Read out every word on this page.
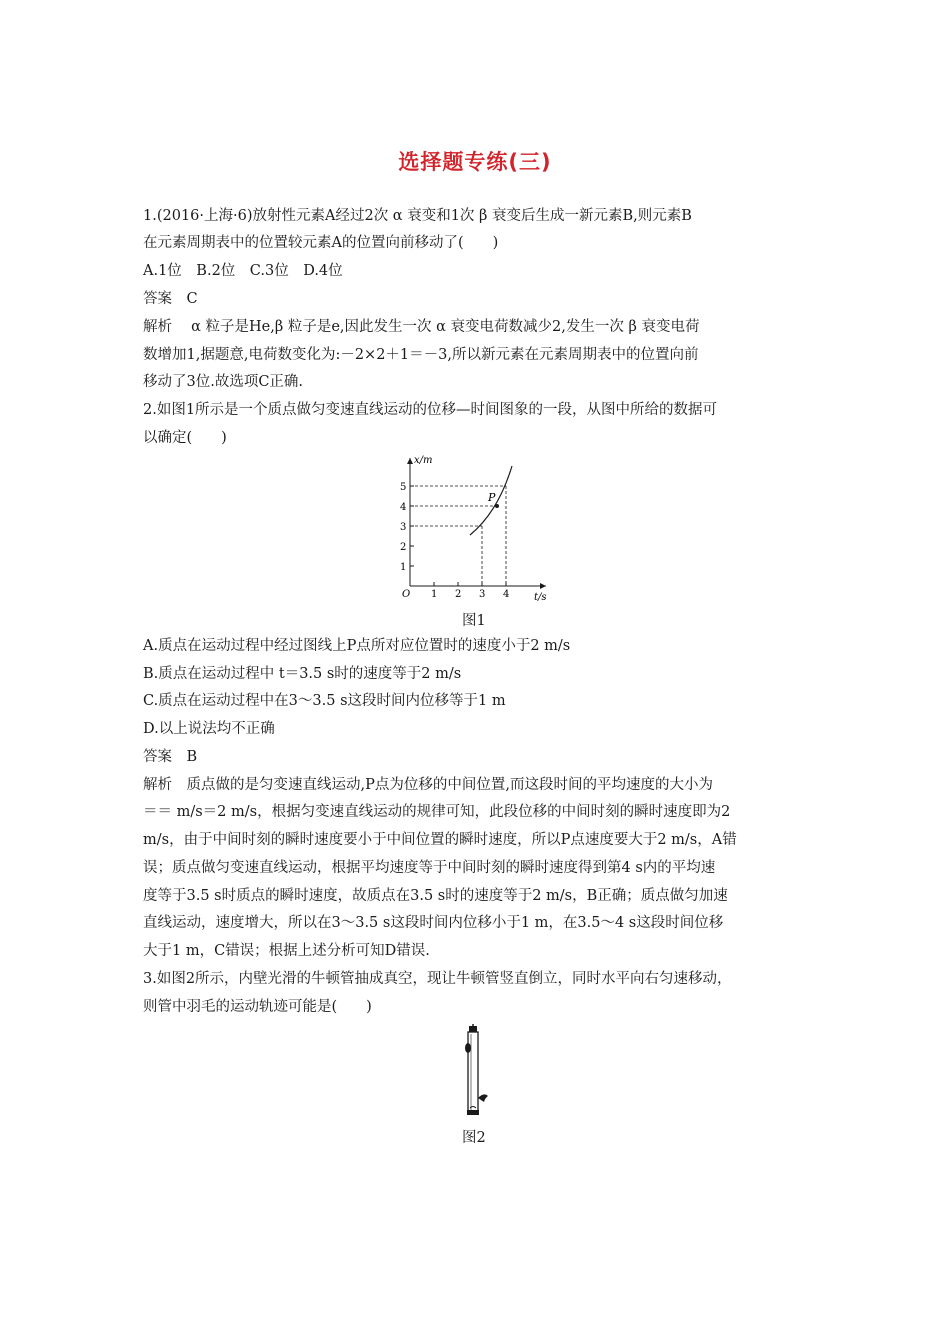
选择题专练(三)
1.(2016·上海·6)放射性元素A经过2次 α 衰变和1次 β 衰变后生成一新元素B,则元素B
在元素周期表中的位置较元素A的位置向前移动了(　　)
A.1位　B.2位　C.3位　D.4位
答案　C
解析　 α 粒子是He,β 粒子是e,因此发生一次 α 衰变电荷数减少2,发生一次 β 衰变电荷
数增加1,据题意,电荷数变化为:－2×2＋1＝－3,所以新元素在元素周期表中的位置向前
移动了3位.故选项C正确.
2.如图1所示是一个质点做匀变速直线运动的位移—时间图象的一段，从图中所给的数据可
以确定(　　)
P
x/m
t/s
O 1 2 3 4
1
2
3
4
5
图1
A.质点在运动过程中经过图线上P点所对应位置时的速度小于2 m/s
B.质点在运动过程中 t＝3.5 s时的速度等于2 m/s
C.质点在运动过程中在3～3.5 s这段时间内位移等于1 m
D.以上说法均不正确
答案　B
解析　质点做的是匀变速直线运动,P点为位移的中间位置,而这段时间的平均速度的大小为
＝＝ m/s＝2 m/s，根据匀变速直线运动的规律可知，此段位移的中间时刻的瞬时速度即为2
m/s，由于中间时刻的瞬时速度要小于中间位置的瞬时速度，所以P点速度要大于2 m/s，A错
误；质点做匀变速直线运动，根据平均速度等于中间时刻的瞬时速度得到第4 s内的平均速
度等于3.5 s时质点的瞬时速度，故质点在3.5 s时的速度等于2 m/s，B正确；质点做匀加速
直线运动，速度增大，所以在3～3.5 s这段时间内位移小于1 m，在3.5～4 s这段时间位移
大于1 m，C错误；根据上述分析可知D错误.
3.如图2所示，内壁光滑的牛顿管抽成真空，现让牛顿管竖直倒立，同时水平向右匀速移动，
则管中羽毛的运动轨迹可能是(　　)
图2
